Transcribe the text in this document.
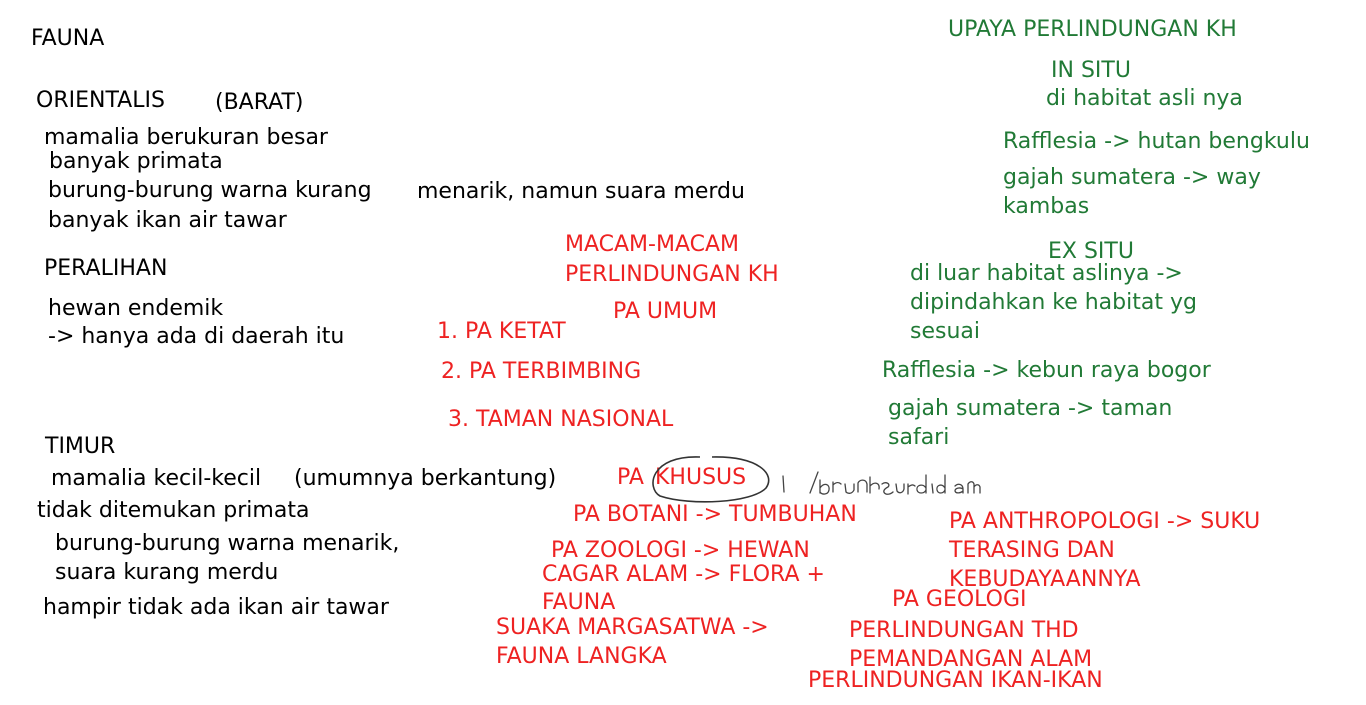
FAUNA
ORIENTALIS (BARAT)
mamalia berukuran besar
banyak primata
burung-burung warna kurang menarik, namun suara merdu
banyak ikan air tawar
PERALIHAN
hewan endemik
-> hanya ada di daerah itu
TIMUR
mamalia kecil-kecil (umumnya berkantung)
tidak ditemukan primata
burung-burung warna menarik,
suara kurang merdu
hampir tidak ada ikan air tawar
MACAM-MACAM
PERLINDUNGAN KH
PA UMUM
1. PA KETAT
2. PA TERBIMBING
3. TAMAN NASIONAL
PA KHUSUS
PA BOTANI -> TUMBUHAN
PA ZOOLOGI -> HEWAN
CAGAR ALAM -> FLORA +
FAUNA
SUAKA MARGASATWA ->
FAUNA LANGKA
PA ANTHROPOLOGI -> SUKU
TERASING DAN
KEBUDAYAANNYA
PA GEOLOGI
PERLINDUNGAN THD
PEMANDANGAN ALAM
PERLINDUNGAN IKAN-IKAN
UPAYA PERLINDUNGAN KH
IN SITU
di habitat asli nya
Rafflesia -> hutan bengkulu
gajah sumatera -> way
kambas
EX SITU
di luar habitat aslinya ->
dipindahkan ke habitat yg
sesuai
Rafflesia -> kebun raya bogor
gajah sumatera -> taman
safari
